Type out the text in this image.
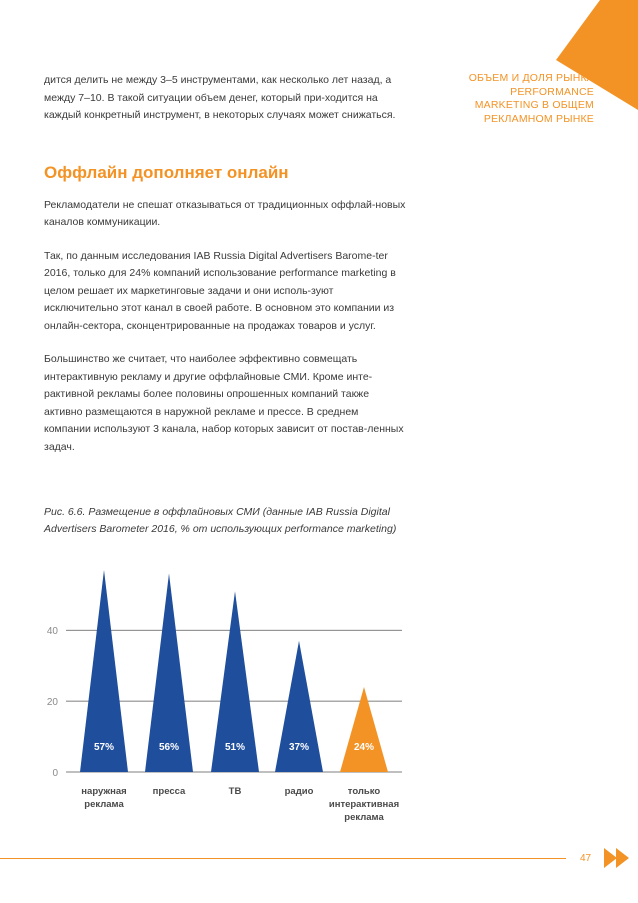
ОБЪЕМ И ДОЛЯ РЫНКА
PERFORMANCE
MARKETING В ОБЩЕМ
РЕКЛАМНОМ РЫНКЕ

дится делить не между 3–5 инструментами, как несколько лет назад, а между 7–10. В такой ситуации объем денег, который при-ходится на каждый конкретный инструмент, в некоторых случаях может снижаться.

Оффлайн дополняет онлайн

Рекламодатели не спешат отказываться от традиционных оффлай-новых каналов коммуникации.

Так, по данным исследования IAB Russia Digital Advertisers Barome-ter 2016, только для 24% компаний использование performance marketing в целом решает их маркетинговые задачи и они исполь-зуют исключительно этот канал в своей работе. В основном это компании из онлайн-сектора, сконцентрированные на продажах товаров и услуг.

Большинство же считает, что наиболее эффективно совмещать интерактивную рекламу и другие оффлайновые СМИ. Кроме инте-рактивной рекламы более половины опрошенных компаний также активно размещаются в наружной рекламе и прессе. В среднем компании используют 3 канала, набор которых зависит от постав-ленных задач.

Рис. 6.6. Размещение в оффлайновых СМИ (данные IAB Russia Digital Advertisers Barometer 2016, % от использующих performance marketing)
0
20
40
57%
наружная
реклама
56%
пресса
51%
ТВ
37%
радио
24%
только
интерактивная
реклама
47
